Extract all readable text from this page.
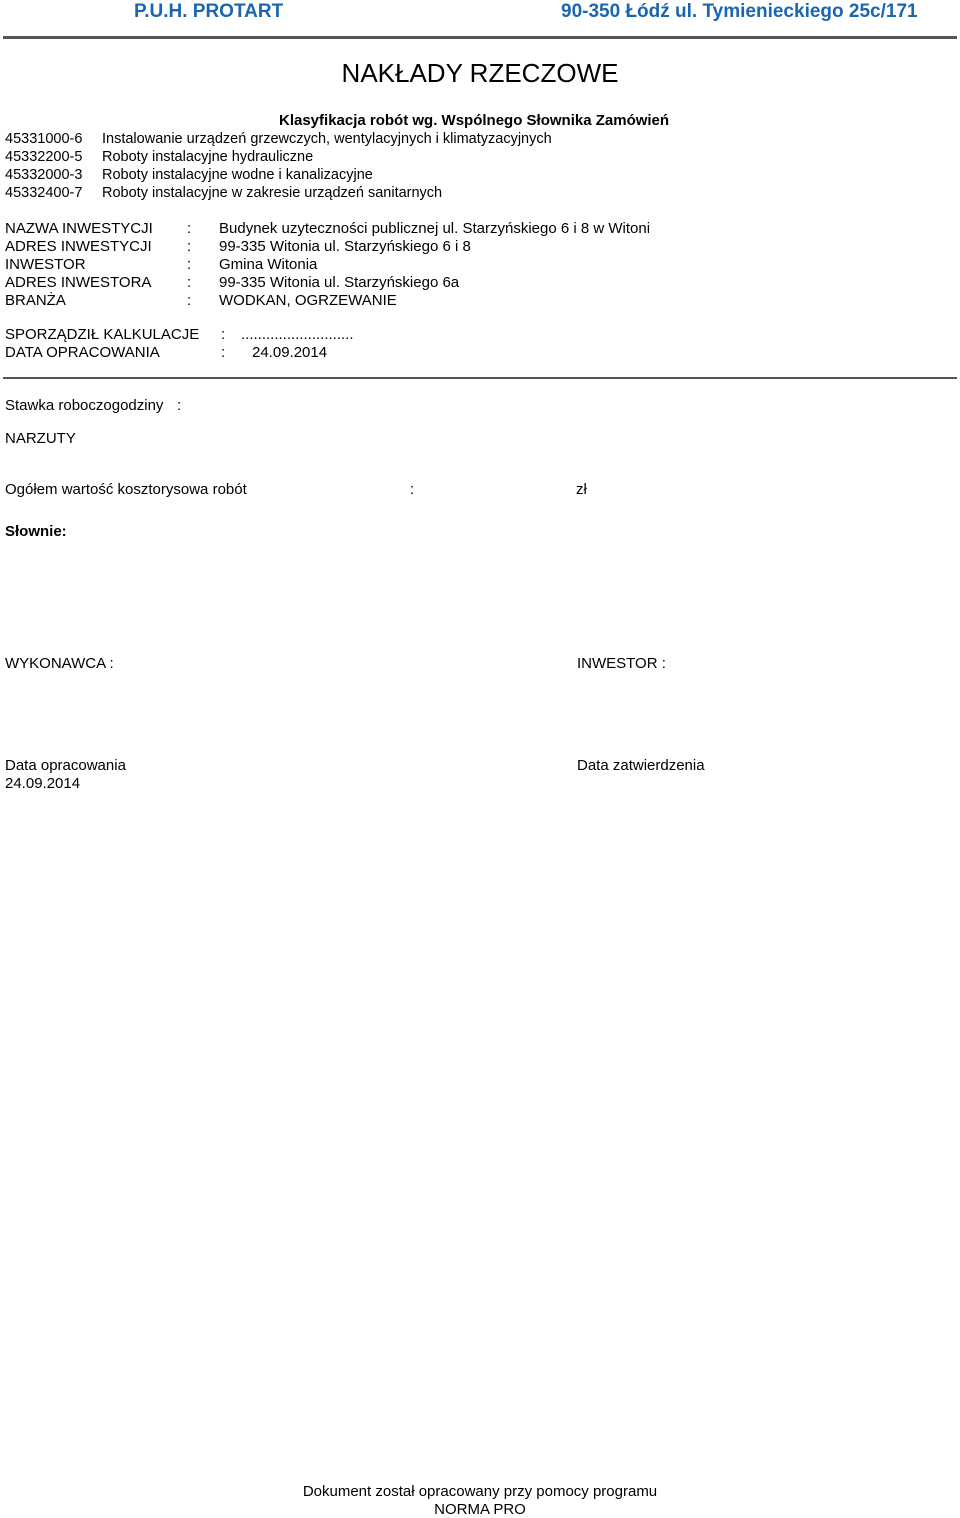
P.U.H. PROTART	90-350 Łódź ul. Tymienieckiego 25c/171
NAKŁADY RZECZOWE
Klasyfikacja robót wg. Wspólnego Słownika Zamówień
45331000-6 Instalowanie urządzeń grzewczych, wentylacyjnych i klimatyzacyjnych
45332200-5 Roboty instalacyjne hydrauliczne
45332000-3 Roboty instalacyjne wodne i kanalizacyjne
45332400-7 Roboty instalacyjne w zakresie urządzeń sanitarnych
NAZWA INWESTYCJI : Budynek uzyteczności publicznej ul. Starzyńskiego 6 i 8 w Witoni
ADRES INWESTYCJI : 99-335 Witonia ul. Starzyńskiego 6 i 8
INWESTOR	: Gmina Witonia
ADRES INWESTORA : 99-335 Witonia ul. Starzyńskiego 6a
BRANŻA	: WODKAN, OGRZEWANIE
SPORZĄDZIŁ KALKULACJE : ...........................
DATA OPRACOWANIA	: 24.09.2014
Stawka roboczogodziny :
NARZUTY
Ogółem wartość kosztorysowa robót	:	zł
Słownie:
WYKONAWCA :	INWESTOR :
Data opracowania	Data zatwierdzenia
24.09.2014
Dokument został opracowany przy pomocy programu
NORMA PRO
